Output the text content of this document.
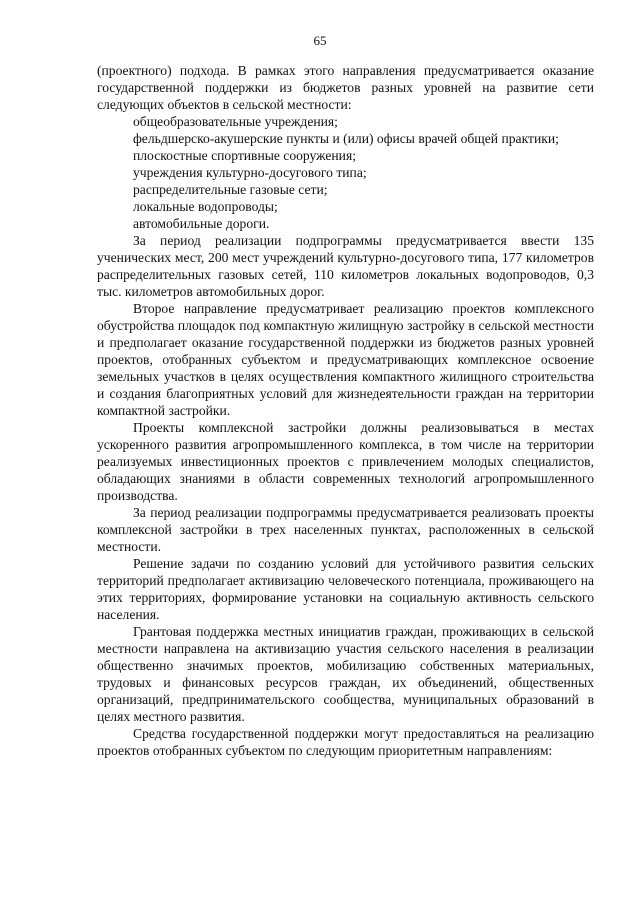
65

(проектного) подхода. В рамках этого направления предусматривается оказание государственной поддержки из бюджетов разных уровней на развитие сети следующих объектов в сельской местности:

общеобразовательные учреждения;

фельдшерско-акушерские пункты и (или) офисы врачей общей практики;

плоскостные спортивные сооружения;

учреждения культурно-досугового типа;

распределительные газовые сети;

локальные водопроводы;

автомобильные дороги.

За период реализации подпрограммы предусматривается ввести 135 ученических мест, 200 мест учреждений культурно-досугового типа, 177 километров распределительных газовых сетей, 110 километров локальных водопроводов, 0,3 тыс. километров автомобильных дорог.

Второе направление предусматривает реализацию проектов комплексного обустройства площадок под компактную жилищную застройку в сельской местности и предполагает оказание государственной поддержки из бюджетов разных уровней проектов, отобранных субъектом и предусматривающих комплексное освоение земельных участков в целях осуществления компактного жилищного строительства и создания благоприятных условий для жизнедеятельности граждан на территории компактной застройки.

Проекты комплексной застройки должны реализовываться в местах ускоренного развития агропромышленного комплекса, в том числе на территории реализуемых инвестиционных проектов с привлечением молодых специалистов, обладающих знаниями в области современных технологий агропромышленного производства.

За период реализации подпрограммы предусматривается реализовать проекты комплексной застройки в трех населенных пунктах, расположенных в сельской местности.

Решение задачи по созданию условий для устойчивого развития сельских территорий предполагает активизацию человеческого потенциала, проживающего на этих территориях, формирование установки на социальную активность сельского населения.

Грантовая поддержка местных инициатив граждан, проживающих в сельской местности направлена на активизацию участия сельского населения в реализации общественно значимых проектов, мобилизацию собственных материальных, трудовых и финансовых ресурсов граждан, их объединений, общественных организаций, предпринимательского сообщества, муниципальных образований в целях местного развития.

Средства государственной поддержки могут предоставляться на реализацию проектов отобранных субъектом по следующим приоритетным направлениям:
